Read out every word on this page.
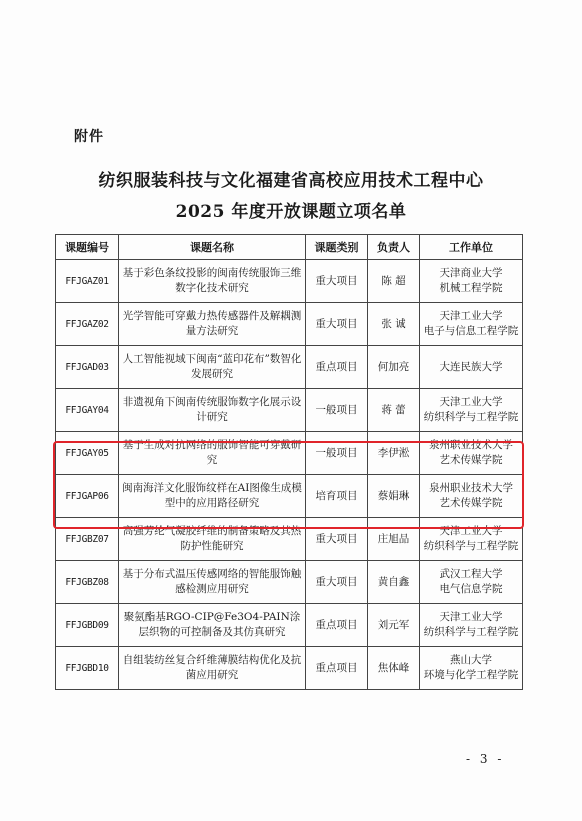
附件
纺织服装科技与文化福建省高校应用技术工程中心
2025 年度开放课题立项名单
课题编号	课题名称	课题类别	负责人	工作单位
FFJGAZ01	基于彩色条纹投影的闽南传统服饰三维数字化技术研究	重大项目	陈 超	天津商业大学
机械工程学院

FFJGAZ02	光学智能可穿戴力热传感器件及解耦测量方法研究	重大项目	张 诚	天津工业大学
电子与信息工程学院

FFJGAD03	人工智能视域下闽南“蓝印花布”数智化发展研究	重点项目	何加亮	大连民族大学

FFJGAY04	非遗视角下闽南传统服饰数字化展示设计研究	一般项目	蒋 蕾	天津工业大学
纺织科学与工程学院

FFJGAY05	基于生成对抗网络的服饰智能可穿戴研究	一般项目	李伊淞	泉州职业技术大学
艺术传媒学院

FFJGAP06	闽南海洋文化服饰纹样在AI图像生成模型中的应用路径研究	培育项目	蔡娟琳	泉州职业技术大学
艺术传媒学院

FFJGBZ07	高强芳纶气凝胶纤维的制备策略及其热防护性能研究	重大项目	庄旭品	天津工业大学
纺织科学与工程学院

FFJGBZ08	基于分布式温压传感网络的智能服饰触感检测应用研究	重大项目	黄自鑫	武汉工程大学
电气信息学院

FFJGBD09	聚氨酯基RGO-CIP@Fe3O4-PAIN涂层织物的可控制备及其仿真研究	重点项目	刘元军	天津工业大学
纺织科学与工程学院

FFJGBD10	自组装纺丝复合纤维薄膜结构优化及抗菌应用研究	重点项目	焦体峰	燕山大学
环境与化学工程学院
- 3 -
